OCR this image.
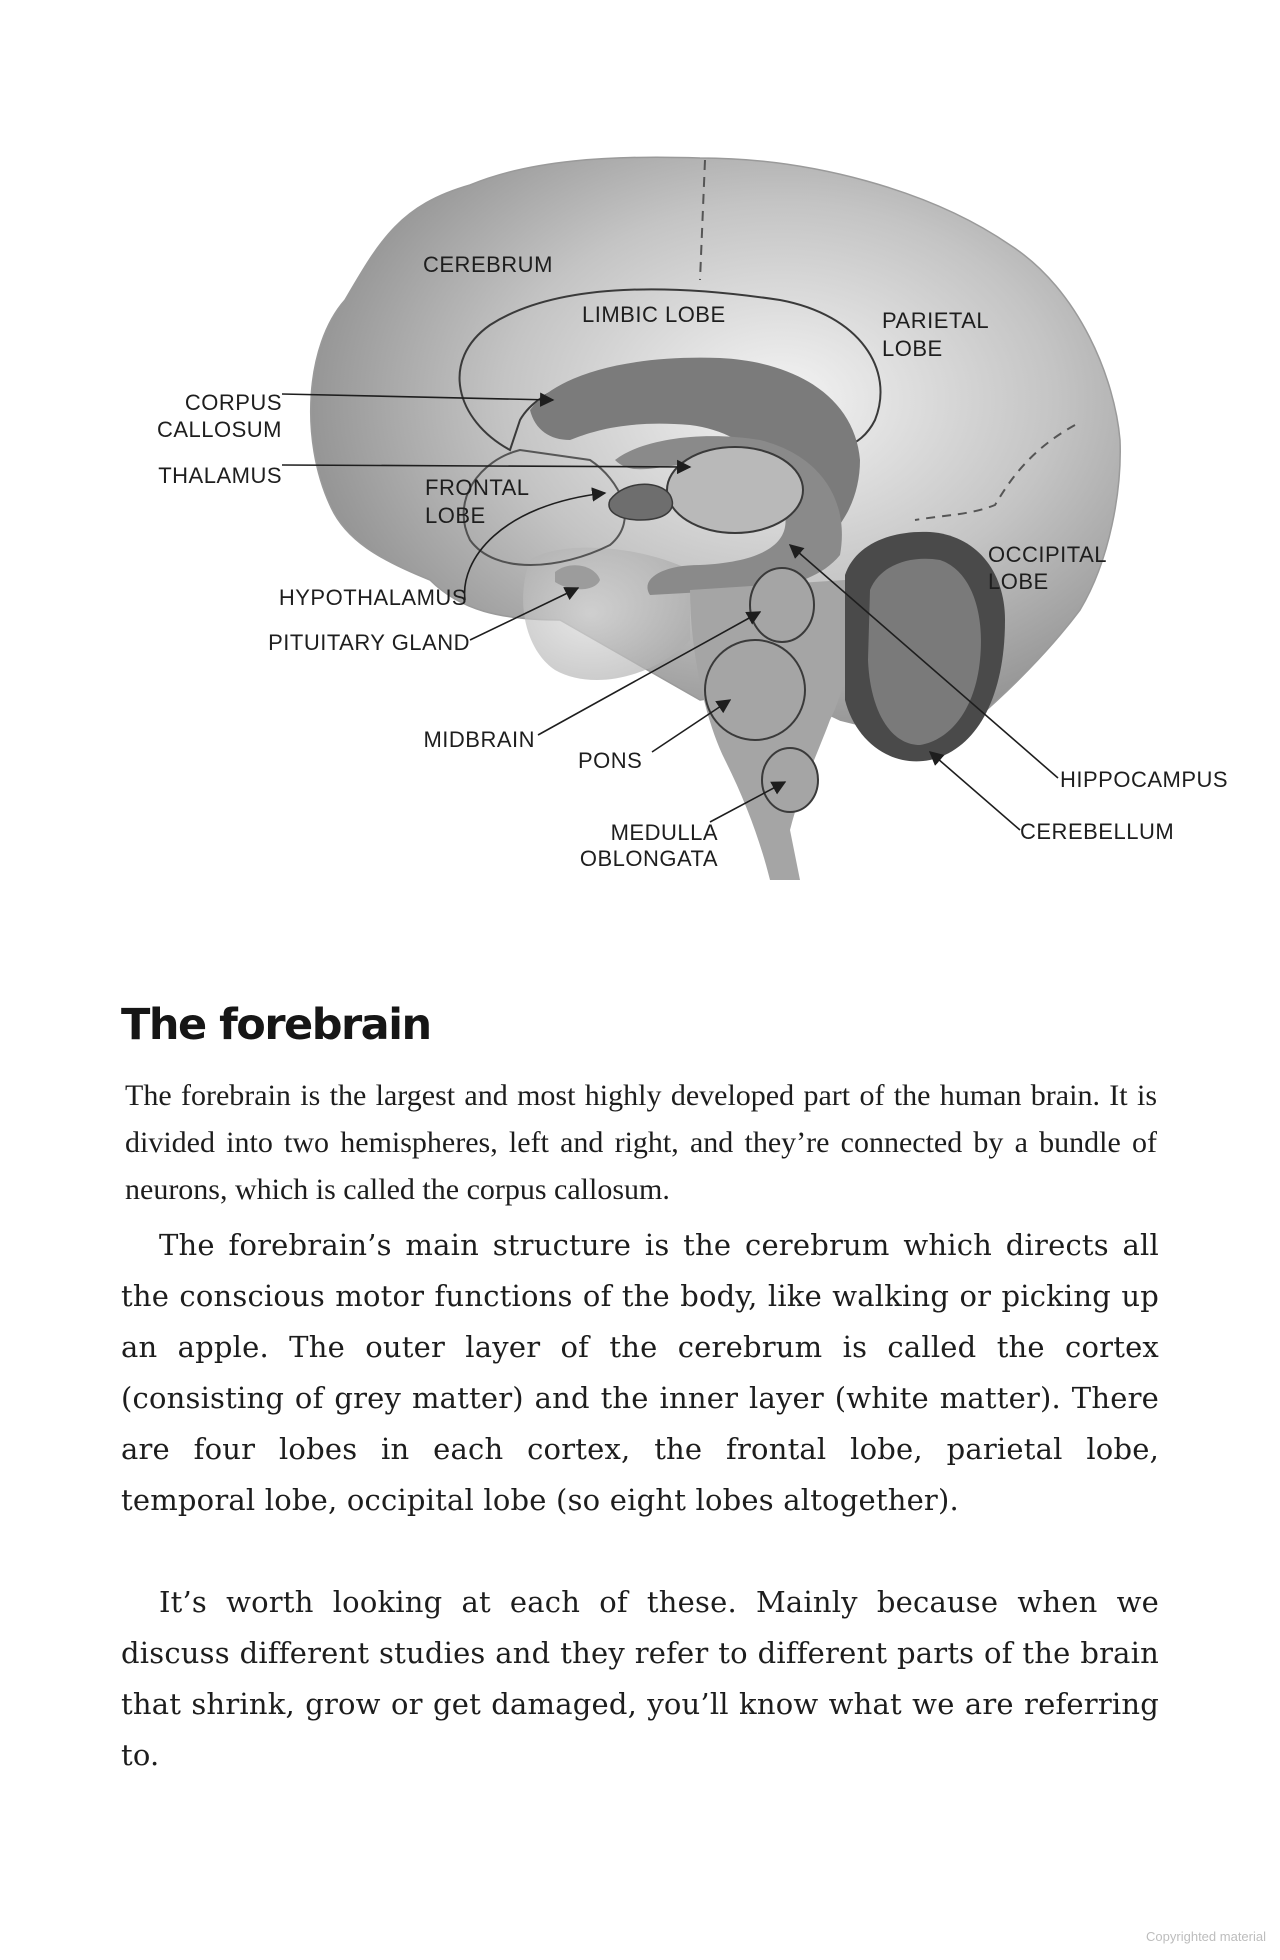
CEREBRUM
LIMBIC LOBE	PARIETAL
LOBE
CORPUS
CALLOSUM
THALAMUS	FRONTAL
LOBE
OCCIPITAL
LOBE
HYPOTHALAMUS
PITUITARY GLAND
MIDBRAIN
PONS
HIPPOCAMPUS
CEREBELLUM
MEDULLA
OBLONGATA
The forebrain

The forebrain is the largest and most highly developed part of the human brain. It is divided into two hemispheres, left and right, and they’re connected by a bundle of neurons, which is called the corpus callosum.

The forebrain’s main structure is the cerebrum which directs all the conscious motor functions of the body, like walking or picking up an apple. The outer layer of the cerebrum is called the cortex (consisting of grey matter) and the inner layer (white matter). There are four lobes in each cortex, the frontal lobe, parietal lobe, temporal lobe, occipital lobe (so eight lobes altogether).

It’s worth looking at each of these. Mainly because when we discuss different studies and they refer to different parts of the brain that shrink, grow or get damaged, you’ll know what we are referring to.

Copyrighted material
